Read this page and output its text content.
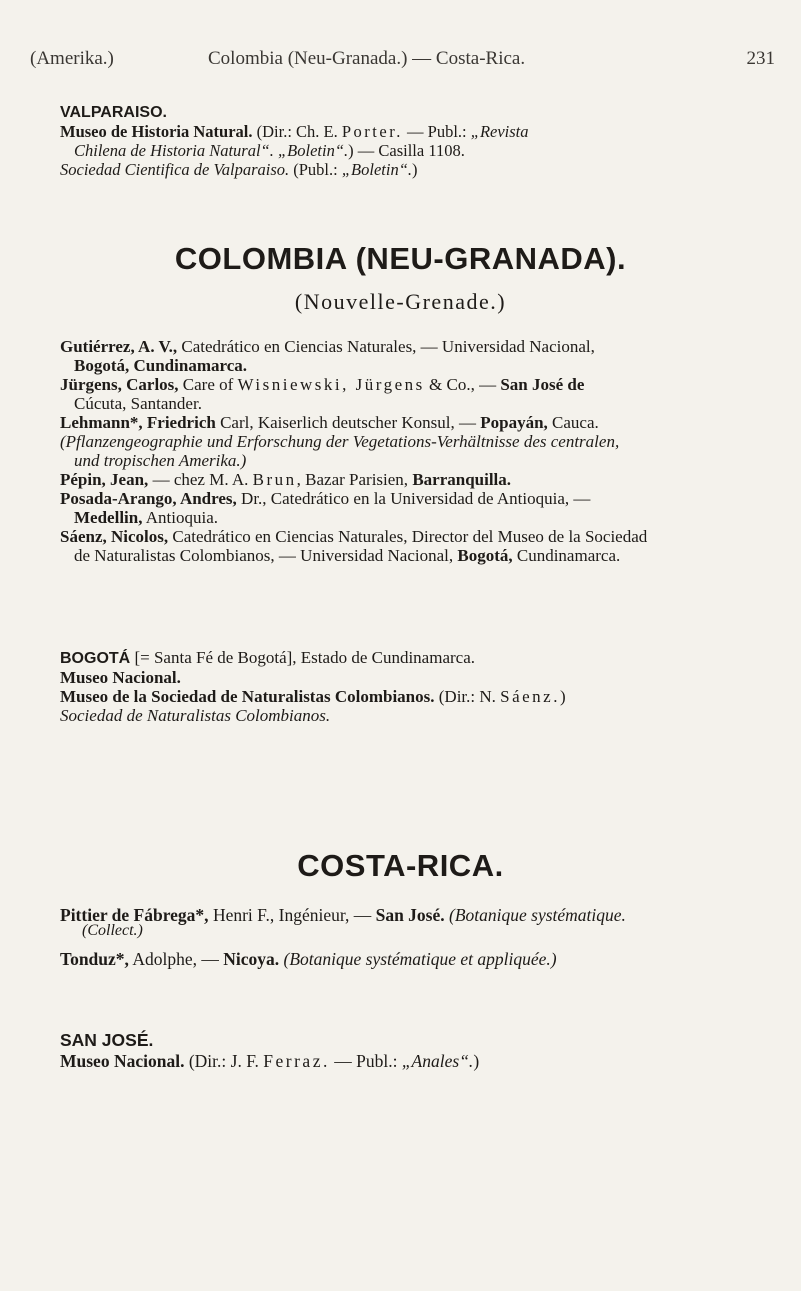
(Amerika.)	Colombia (Neu-Granada.) — Costa-Rica.	231
VALPARAISO.
Museo de Historia Natural. (Dir.: Ch. E. Porter. — Publ.: „Revista
Chilena de Historia Natural“. „Boletin“.) — Casilla 1108.
Sociedad Cientifica de Valparaiso. (Publ.: „Boletin“.)
COLOMBIA (NEU-GRANADA).
(Nouvelle-Grenade.)
Gutiérrez, A. V., Catedrático en Ciencias Naturales, — Universidad Nacional,
Bogotá, Cundinamarca.
Jürgens, Carlos, Care of Wisniewski, Jürgens & Co., — San José de
Cúcuta, Santander.
Lehmann*, Friedrich Carl, Kaiserlich deutscher Konsul, — Popayán, Cauca.
(Pflanzengeographie und Erforschung der Vegetations-Verhältnisse des centralen,
und tropischen Amerika.)
Pépin, Jean, — chez M. A. Brun, Bazar Parisien, Barranquilla.
Posada-Arango, Andres, Dr., Catedrático en la Universidad de Antioquia, —
Medellin, Antioquia.
Sáenz, Nicolos, Catedrático en Ciencias Naturales, Director del Museo de la Sociedad
de Naturalistas Colombianos, — Universidad Nacional, Bogotá, Cundinamarca.
BOGOTÁ [= Santa Fé de Bogotá], Estado de Cundinamarca.
Museo Nacional.
Museo de la Sociedad de Naturalistas Colombianos. (Dir.: N. Sáenz.)
Sociedad de Naturalistas Colombianos.
COSTA-RICA.
Pittier de Fábrega*, Henri F., Ingénieur, — San José. (Botanique systématique.
(Collect.)
Tonduz*, Adolphe, — Nicoya. (Botanique systématique et appliquée.)
SAN JOSÉ.
Museo Nacional. (Dir.: J. F. Ferraz. — Publ.: „Anales“.)
